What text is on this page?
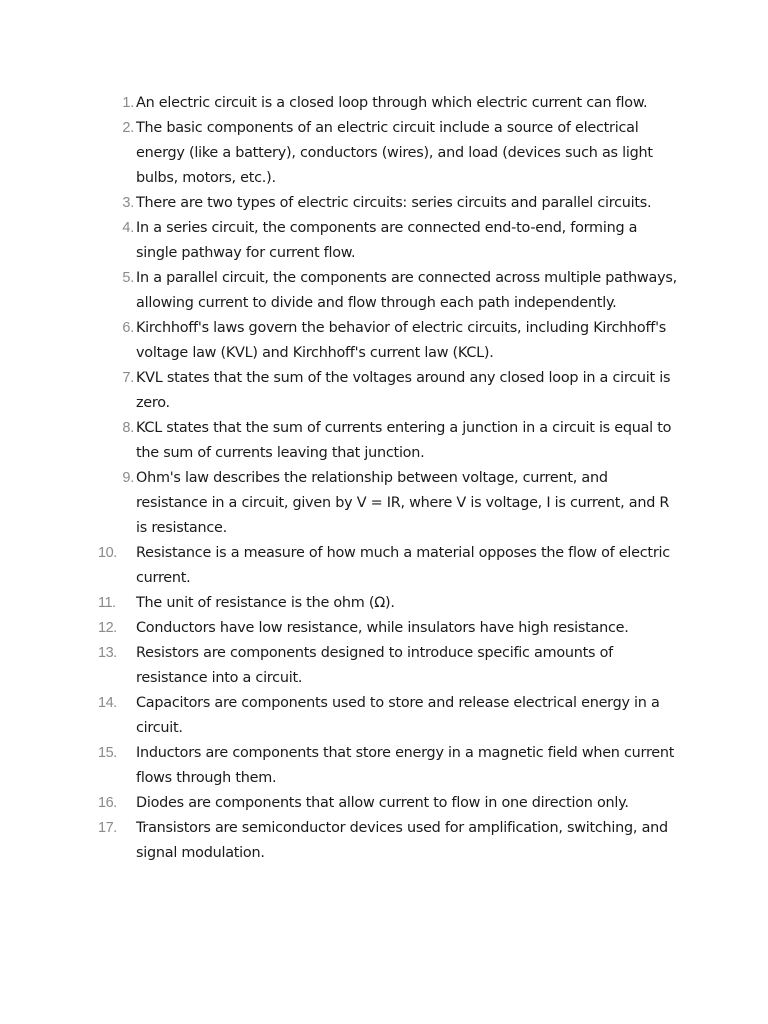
1. An electric circuit is a closed loop through which electric current can flow.
2. The basic components of an electric circuit include a source of electrical energy (like a battery), conductors (wires), and load (devices such as light bulbs, motors, etc.).
3. There are two types of electric circuits: series circuits and parallel circuits.
4. In a series circuit, the components are connected end-to-end, forming a single pathway for current flow.
5. In a parallel circuit, the components are connected across multiple pathways, allowing current to divide and flow through each path independently.
6. Kirchhoff's laws govern the behavior of electric circuits, including Kirchhoff's voltage law (KVL) and Kirchhoff's current law (KCL).
7. KVL states that the sum of the voltages around any closed loop in a circuit is zero.
8. KCL states that the sum of currents entering a junction in a circuit is equal to the sum of currents leaving that junction.
9. Ohm's law describes the relationship between voltage, current, and resistance in a circuit, given by V = IR, where V is voltage, I is current, and R is resistance.
10.	Resistance is a measure of how much a material opposes the flow of electric current.
11.	The unit of resistance is the ohm (Ω).
12.	Conductors have low resistance, while insulators have high resistance.
13.	Resistors are components designed to introduce specific amounts of resistance into a circuit.
14.	Capacitors are components used to store and release electrical energy in a circuit.
15.	Inductors are components that store energy in a magnetic field when current flows through them.
16.	Diodes are components that allow current to flow in one direction only.
17.	Transistors are semiconductor devices used for amplification, switching, and signal modulation.
